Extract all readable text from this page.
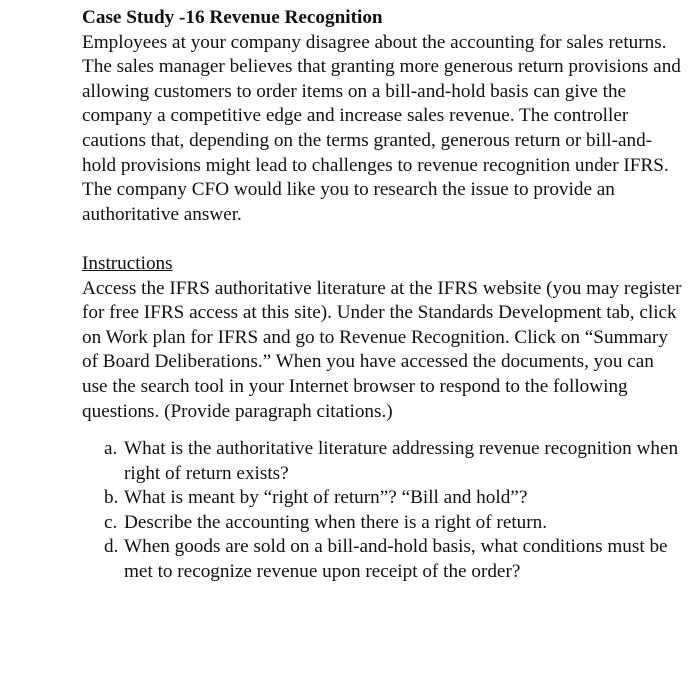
Case Study -16 Revenue Recognition

Employees at your company disagree about the accounting for sales returns. The sales manager believes that granting more generous return provisions and allowing customers to order items on a bill-and-hold basis can give the company a competitive edge and increase sales revenue. The controller cautions that, depending on the terms granted, generous return or bill-and-hold provisions might lead to challenges to revenue recognition under IFRS. The company CFO would like you to research the issue to provide an authoritative answer.

Instructions

Access the IFRS authoritative literature at the IFRS website (you may register for free IFRS access at this site). Under the Standards Development tab, click on Work plan for IFRS and go to Revenue Recognition. Click on “Summary of Board Deliberations.” When you have accessed the documents, you can use the search tool in your Internet browser to respond to the following questions. (Provide paragraph citations.)

a. What is the authoritative literature addressing revenue recognition when right of return exists?
b. What is meant by “right of return”? “Bill and hold”?
c. Describe the accounting when there is a right of return.
d. When goods are sold on a bill-and-hold basis, what conditions must be met to recognize revenue upon receipt of the order?
